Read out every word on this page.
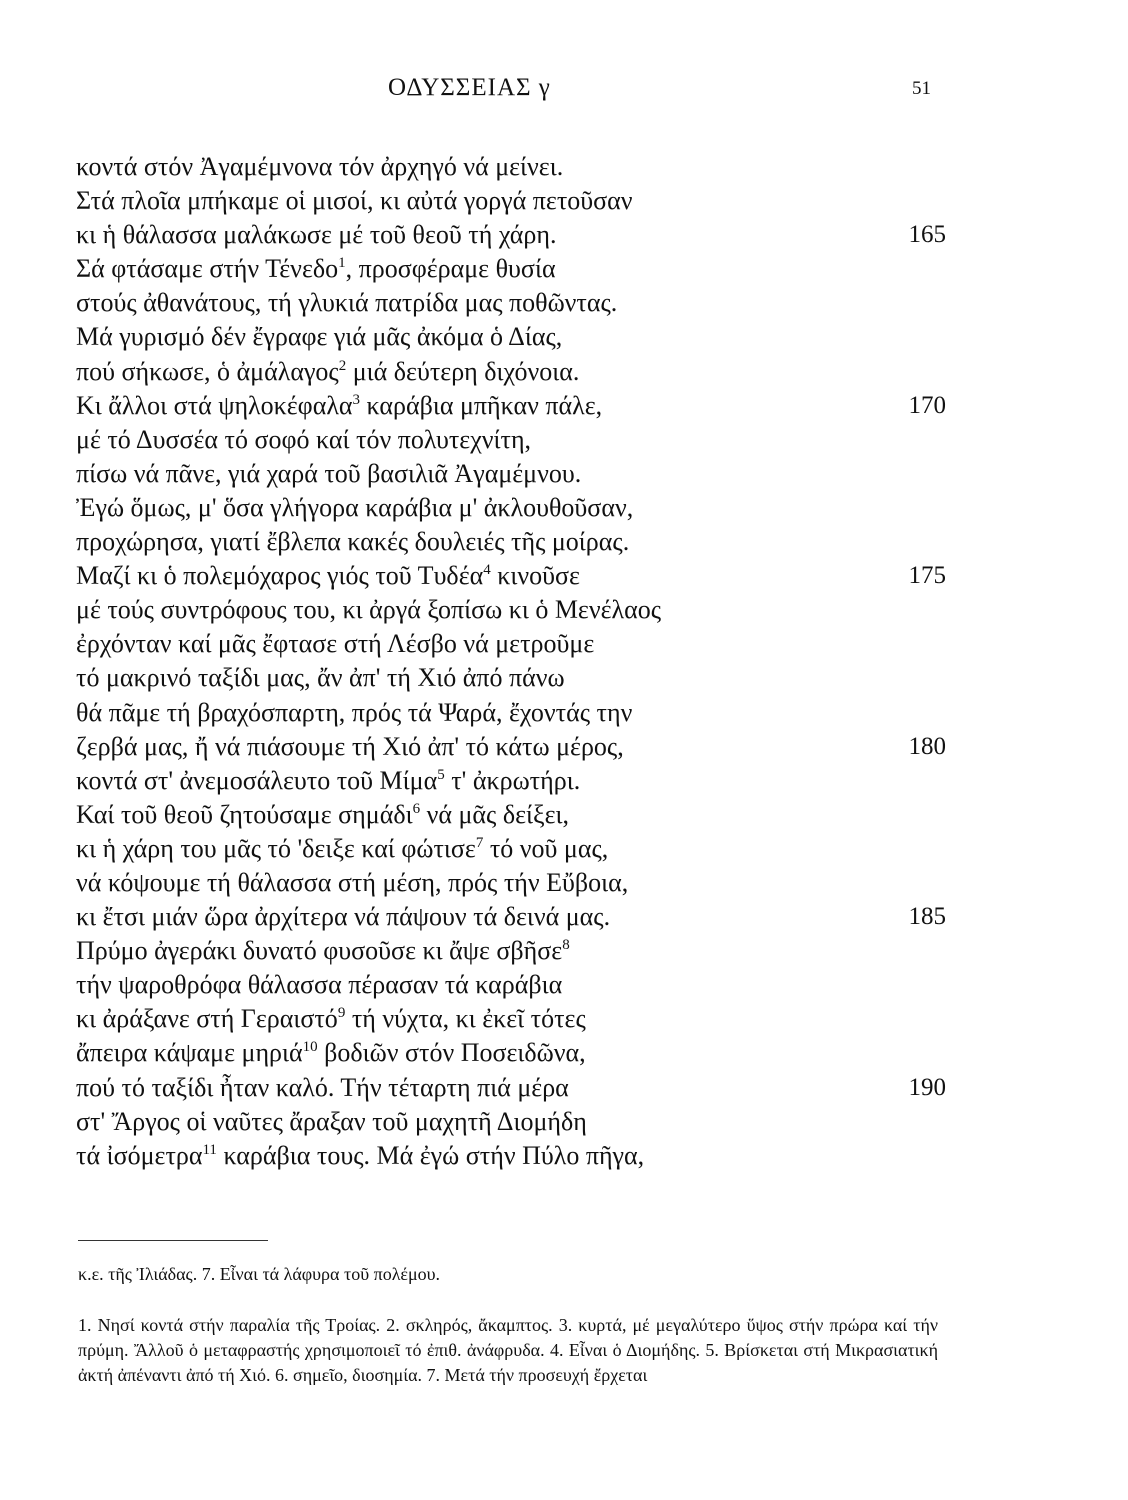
ΟΔΥΣΣΕΙΑΣ γ	51
κοντά στόν Ἀγαμέμνονα τόν ἀρχηγό νά μείνει.
Στά πλοῖα μπήκαμε οἱ μισοί, κι αὐτά γοργά πετοῦσαν
κι ἡ θάλασσα μαλάκωσε μέ τοῦ θεοῦ τή χάρη.	165
Σά φτάσαμε στήν Τένεδο$^1$, προσφέραμε θυσία
στούς ἀθανάτους, τή γλυκιά πατρίδα μας ποθῶντας.
Μά γυρισμό δέν ἔγραφε γιά μᾶς ἀκόμα ὁ Δίας,
πού σήκωσε, ὁ ἀμάλαγος$^2$ μιά δεύτερη διχόνοια.
Κι ἄλλοι στά ψηλοκέφαλα$^3$ καράβια μπῆκαν πάλε,	170
μέ τό Δυσσέα τό σοφό καί τόν πολυτεχνίτη,
πίσω νά πᾶνε, γιά χαρά τοῦ βασιλιᾶ Ἀγαμέμνου.
Ἐγώ ὅμως, μ' ὅσα γλήγορα καράβια μ' ἀκλουθοῦσαν,
προχώρησα, γιατί ἔβλεπα κακές δουλειές τῆς μοίρας.
Μαζί κι ὁ πολεμόχαρος γιός τοῦ Τυδέα$^4$ κινοῦσε	175
μέ τούς συντρόφους του, κι ἀργά ξοπίσω κι ὁ Μενέλαος
ἐρχόνταν καί μᾶς ἔφτασε στή Λέσβο νά μετροῦμε
τό μακρινό ταξίδι μας, ἄν ἀπ' τή Χιό ἀπό πάνω
θά πᾶμε τή βραχόσπαρτη, πρός τά Ψαρά, ἔχοντάς την
ζερβά μας, ἤ νά πιάσουμε τή Χιό ἀπ' τό κάτω μέρος,	180
κοντά στ' ἀνεμοσάλευτο τοῦ Μίμα$^5$ τ' ἀκρωτήρι.
Καί τοῦ θεοῦ ζητούσαμε σημάδι$^6$ νά μᾶς δείξει,
κι ἡ χάρη του μᾶς τό 'δειξε καί φώτισε$^7$ τό νοῦ μας,
νά κόψουμε τή θάλασσα στή μέση, πρός τήν Εὔβοια,
κι ἔτσι μιάν ὥρα ἀρχίτερα νά πάψουν τά δεινά μας.	185
Πρύμο ἀγεράκι δυνατό φυσοῦσε κι ἄψε σβῆσε$^8$
τήν ψαροθρόφα θάλασσα πέρασαν τά καράβια
κι ἀράξανε στή Γεραιστό$^9$ τή νύχτα, κι ἐκεῖ τότες
ἄπειρα κάψαμε μηριά$^{10}$ βοδιῶν στόν Ποσειδῶνα,
πού τό ταξίδι ἦταν καλό. Τήν τέταρτη πιά μέρα	190
στ' Ἄργος οἱ ναῦτες ἄραξαν τοῦ μαχητῆ Διομήδη
τά ἰσόμετρα$^{11}$ καράβια τους. Μά ἐγώ στήν Πύλο πῆγα,

κ.ε. τῆς Ἰλιάδας. 7. Εἶναι τά λάφυρα τοῦ πολέμου.

1. Νησί κοντά στήν παραλία τῆς Τροίας. 2. σκληρός, ἄκαμπτος. 3. κυρτά, μέ μεγαλύτερο ὕψος στήν πρώρα καί τήν πρύμη. Ἄλλοῦ ὁ μεταφραστής χρησιμοποιεῖ τό ἐπιθ. ἀνάφρυδα. 4. Εἶναι ὁ Διομήδης. 5. Βρίσκεται στή Μικρασιατική ἀκτή ἀπέναντι ἀπό τή Χιό. 6. σημεῖο, διοσημία. 7. Μετά τήν προσευχή ἔρχεται
